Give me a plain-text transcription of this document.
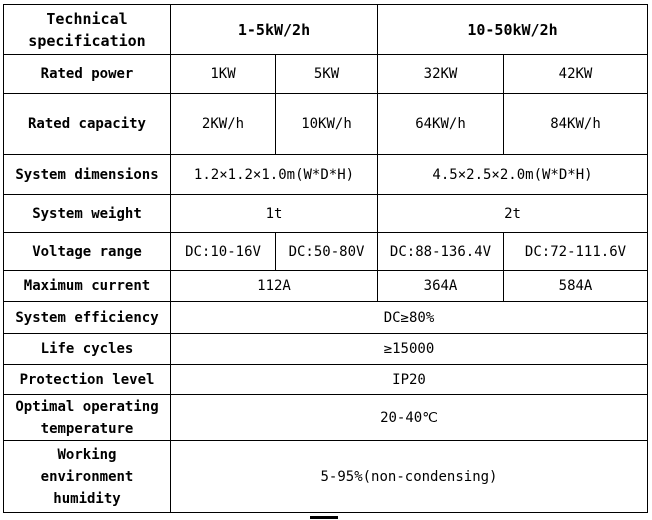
Technical specification	1-5kW/2h		10-50kW/2h	
Rated power	1KW	5KW	32KW	42KW
Rated capacity	2KW/h	10KW/h	64KW/h	84KW/h
System dimensions	1.2×1.2×1.0m(W*D*H)		4.5×2.5×2.0m(W*D*H)	
System weight	1t		2t	
Voltage range	DC:10-16V	DC:50-80V	DC:88-136.4V	DC:72-111.6V
Maximum current	112A		364A	584A
System efficiency	DC≥80%			
Life cycles	≥15000			
Protection level	IP20			
Optimal operating temperature	20-40℃			
Working environment humidity	5-95%(non-condensing)			
